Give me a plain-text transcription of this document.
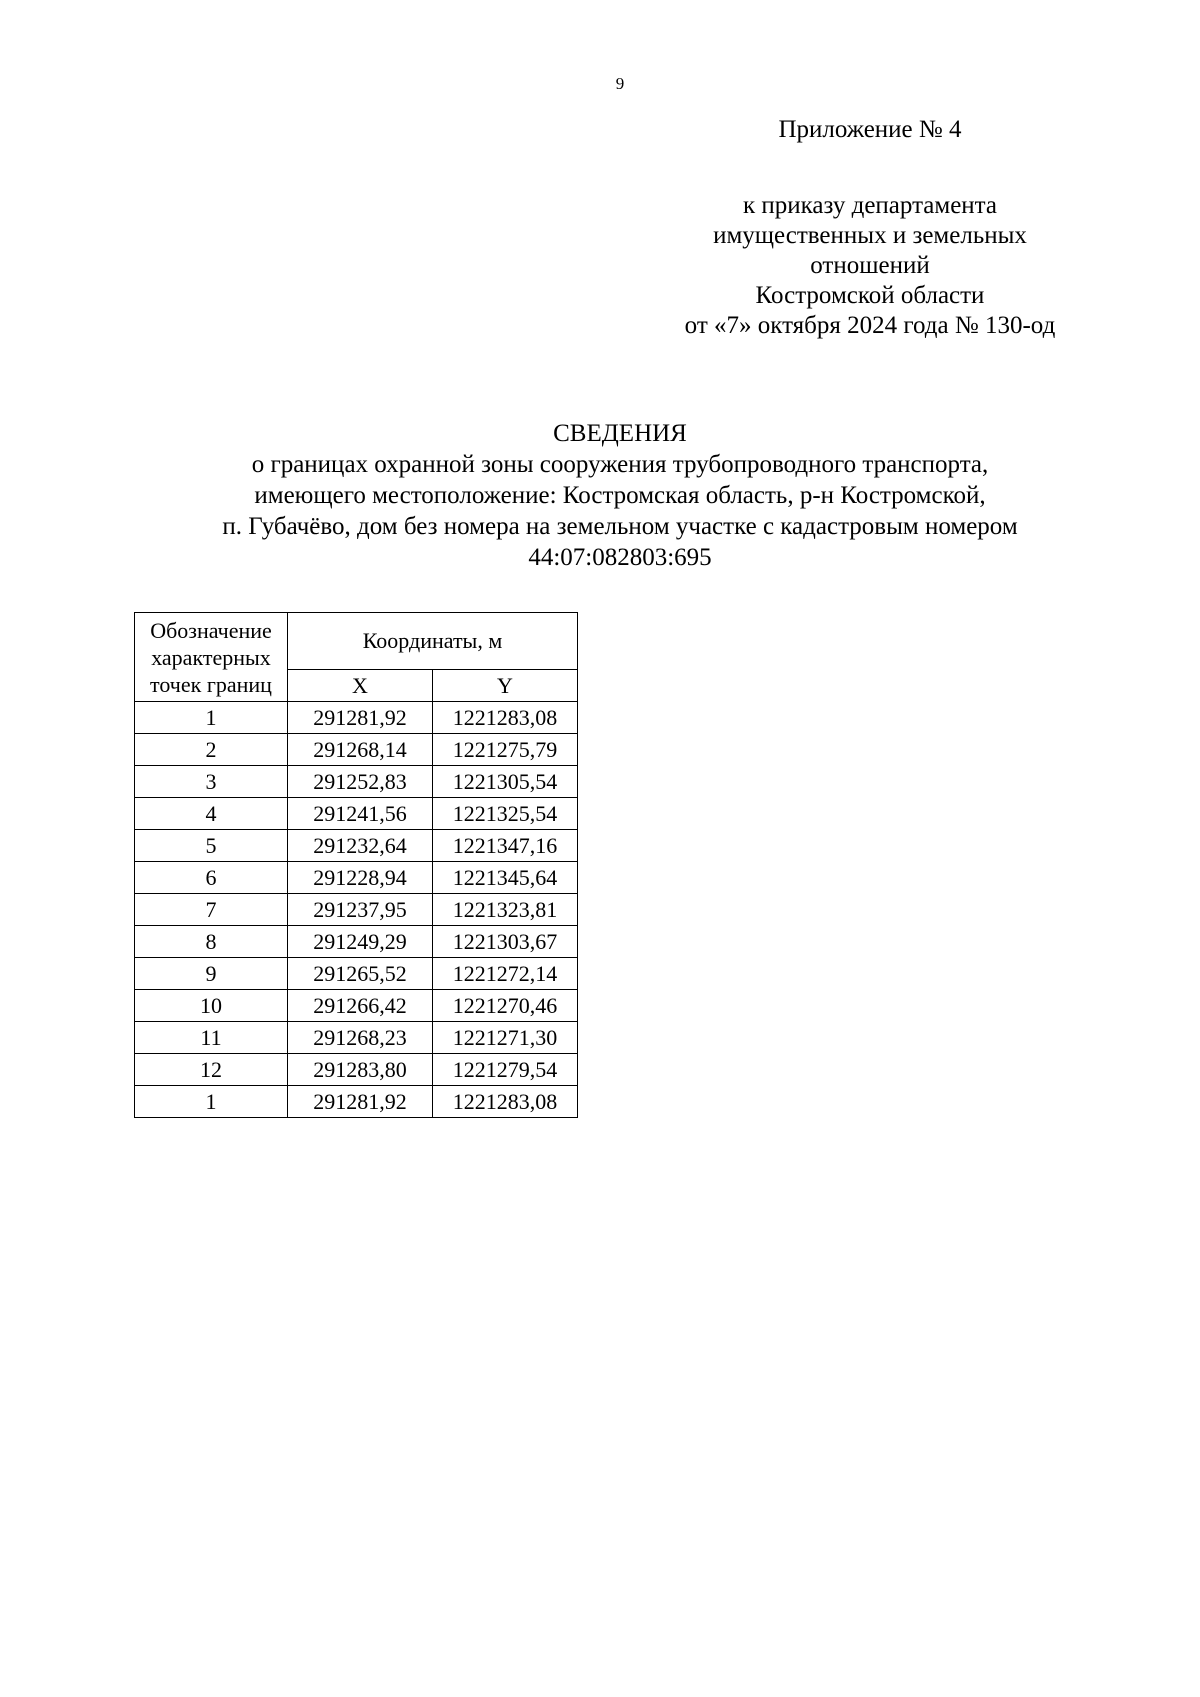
9
Приложение № 4
к приказу департамента
имущественных и земельных
отношений
Костромской области
от «7» октября 2024 года № 130-од
СВЕДЕНИЯ
о границах охранной зоны сооружения трубопроводного транспорта,
имеющего местоположение: Костромская область, р-н Костромской,
п. Губачёво, дом без номера на земельном участке с кадастровым номером
44:07:082803:695
Обозначение
характерных
точек границ	Координаты, м	
	X	Y
1	291281,92	1221283,08
2	291268,14	1221275,79
3	291252,83	1221305,54
4	291241,56	1221325,54
5	291232,64	1221347,16
6	291228,94	1221345,64
7	291237,95	1221323,81
8	291249,29	1221303,67
9	291265,52	1221272,14
10	291266,42	1221270,46
11	291268,23	1221271,30
12	291283,80	1221279,54
1	291281,92	1221283,08
